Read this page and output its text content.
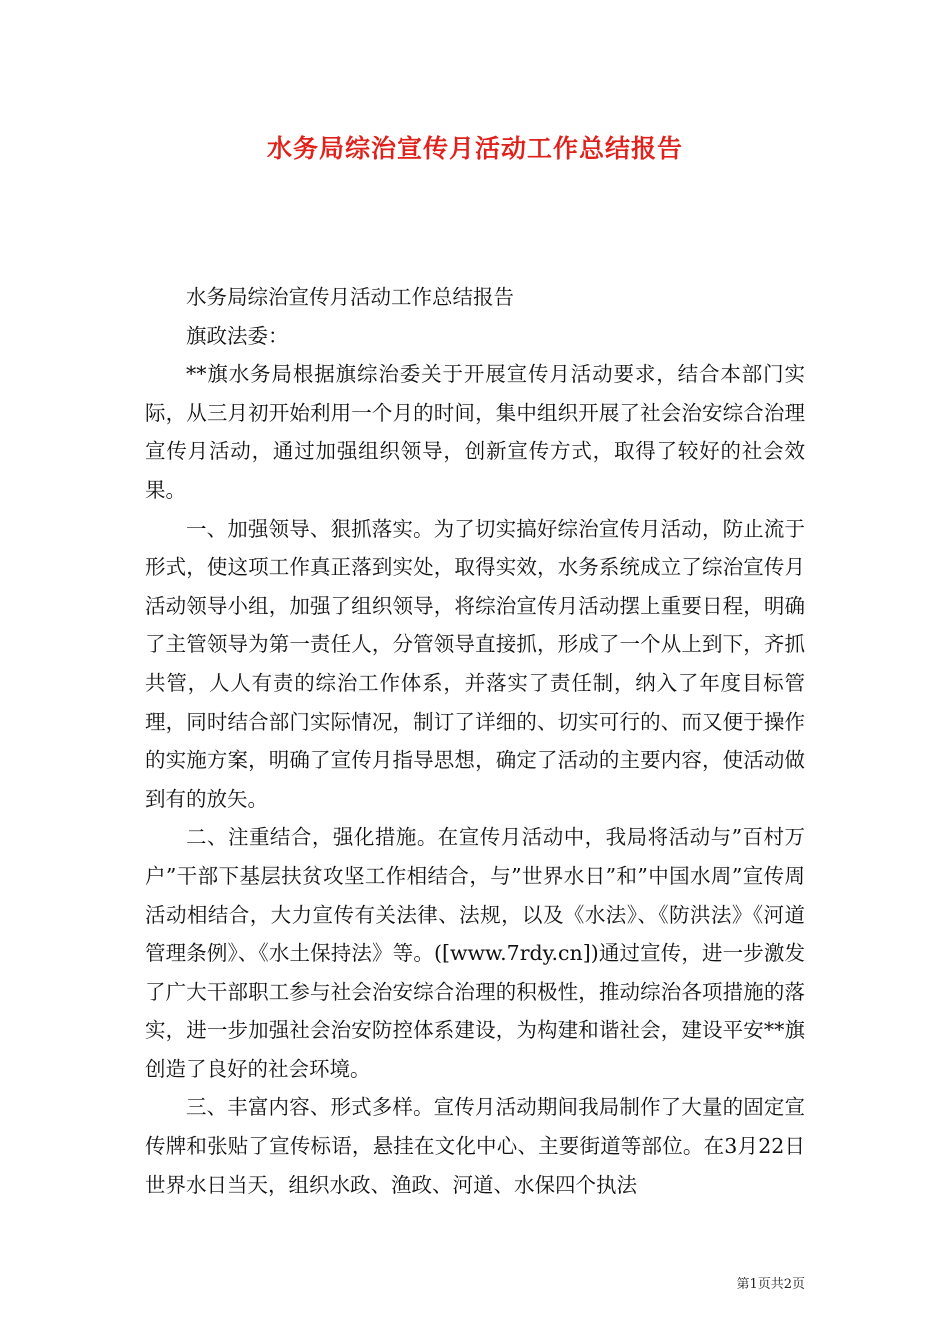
水务局综治宣传月活动工作总结报告

水务局综治宣传月活动工作总结报告

旗政法委：

**旗水务局根据旗综治委关于开展宣传月活动要求，结合本部门实际，从三月初开始利用一个月的时间，集中组织开展了社会治安综合治理宣传月活动，通过加强组织领导，创新宣传方式，取得了较好的社会效果。

一、加强领导、狠抓落实。为了切实搞好综治宣传月活动，防止流于形式，使这项工作真正落到实处，取得实效，水务系统成立了综治宣传月活动领导小组，加强了组织领导，将综治宣传月活动摆上重要日程，明确了主管领导为第一责任人，分管领导直接抓，形成了一个从上到下，齐抓共管，人人有责的综治工作体系，并落实了责任制，纳入了年度目标管理，同时结合部门实际情况，制订了详细的、切实可行的、而又便于操作的实施方案，明确了宣传月指导思想，确定了活动的主要内容，使活动做到有的放矢。

二、注重结合，强化措施。在宣传月活动中，我局将活动与”百村万户”干部下基层扶贫攻坚工作相结合，与”世界水日”和”中国水周”宣传周活动相结合，大力宣传有关法律、法规，以及《水法》、《防洪法》《河道管理条例》、《水土保持法》等。([www.7rdy.cn])通过宣传，进一步激发了广大干部职工参与社会治安综合治理的积极性，推动综治各项措施的落实，进一步加强社会治安防控体系建设，为构建和谐社会，建设平安**旗创造了良好的社会环境。

三、丰富内容、形式多样。宣传月活动期间我局制作了大量的固定宣传牌和张贴了宣传标语，悬挂在文化中心、主要街道等部位。在3月22日世界水日当天，组织水政、渔政、河道、水保四个执法

第1页共2页
